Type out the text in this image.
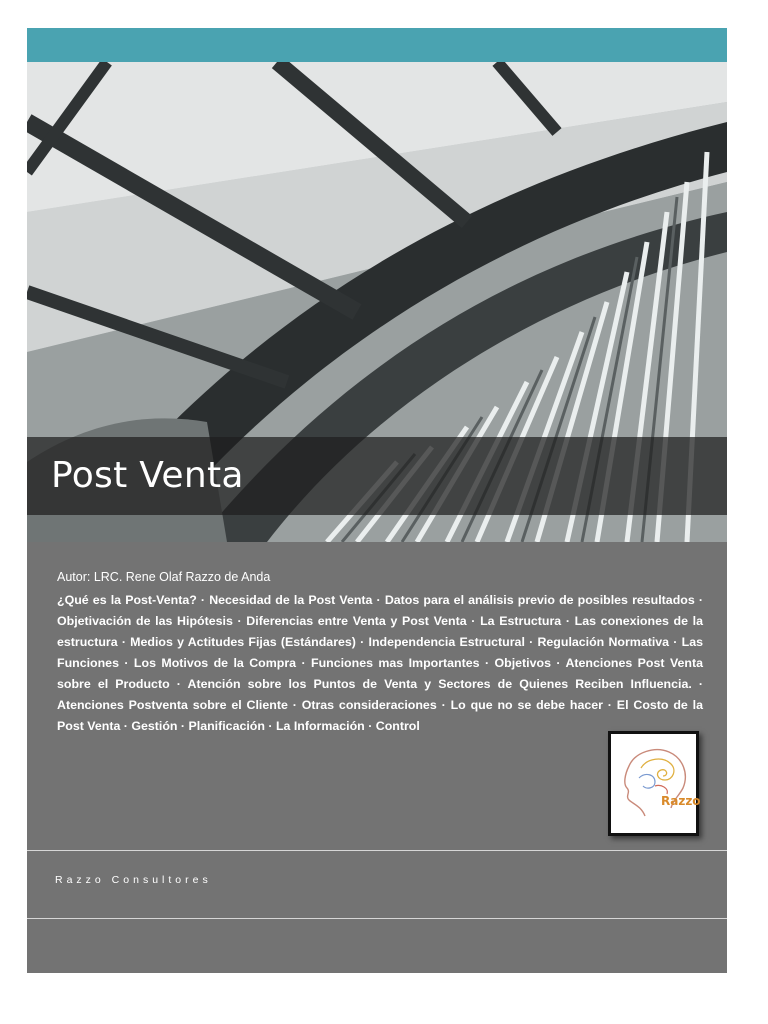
Post Venta
Autor: LRC. Rene Olaf Razzo de Anda
¿Qué es la Post-Venta? · Necesidad de la Post Venta · Datos para el análisis previo de posibles resultados · Objetivación de las Hipótesis · Diferencias entre Venta y Post Venta · La Estructura · Las conexiones de la estructura · Medios y Actitudes Fijas (Estándares) · Independencia Estructural · Regulación Normativa · Las Funciones · Los Motivos de la Compra · Funciones mas Importantes · Objetivos · Atenciones Post Venta sobre el Producto · Atención sobre los Puntos de Venta y Sectores de Quienes Reciben Influencia. · Atenciones Postventa sobre el Cliente · Otras consideraciones · Lo que no se debe hacer · El Costo de la Post Venta · Gestión · Planificación · La Información · Control
Razzo
Razzo Consultores
